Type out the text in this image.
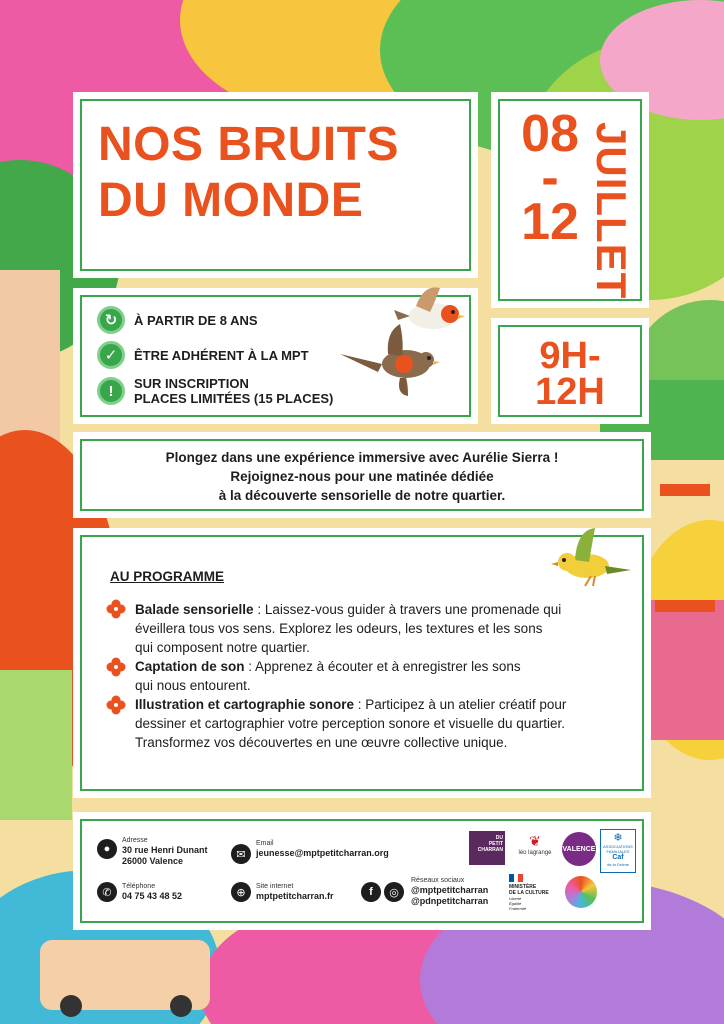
NOS BRUITS
DU MONDE
08
-
12 JUILLET
9H-
12H
↻	À PARTIR DE 8 ANS
✓	ÊTRE ADHÉRENT À LA MPT
!	SUR INSCRIPTION
PLACES LIMITÉES (15 PLACES)
Plongez dans une expérience immersive avec Aurélie Sierra !
Rejoignez-nous pour une matinée dédiée
à la découverte sensorielle de notre quartier.
AU PROGRAMME
Balade sensorielle : Laissez-vous guider à travers une promenade qui
éveillera tous vos sens. Explorez les odeurs, les textures et les sons
qui composent notre quartier.
Captation de son : Apprenez à écouter et à enregistrer les sons
qui nous entourent.
Illustration et cartographie sonore : Participez à un atelier créatif pour
dessiner et cartographier votre perception sonore et visuelle du quartier.
Transformez vos découvertes en une œuvre collective unique.
●
Adresse
30 rue Henri Dunant
26000 Valence
✉
Email
jeunesse@mptpetitcharran.org
✆	Téléphone
04 75 43 48 52	⊕	Site internet
mptpetitcharran.fr	f	◎
Réseaux sociaux
@mptpetitcharran
@pdnpetitcharran
DU
PETIT
CHARRAN
❦
léo lagrange
VALENCE
❄
ASSOCIATIONS
FAMILIALES
Caf
de la Drôme
MINISTÈRE
DE LA CULTURE
Liberté
Égalité
Fraternité
